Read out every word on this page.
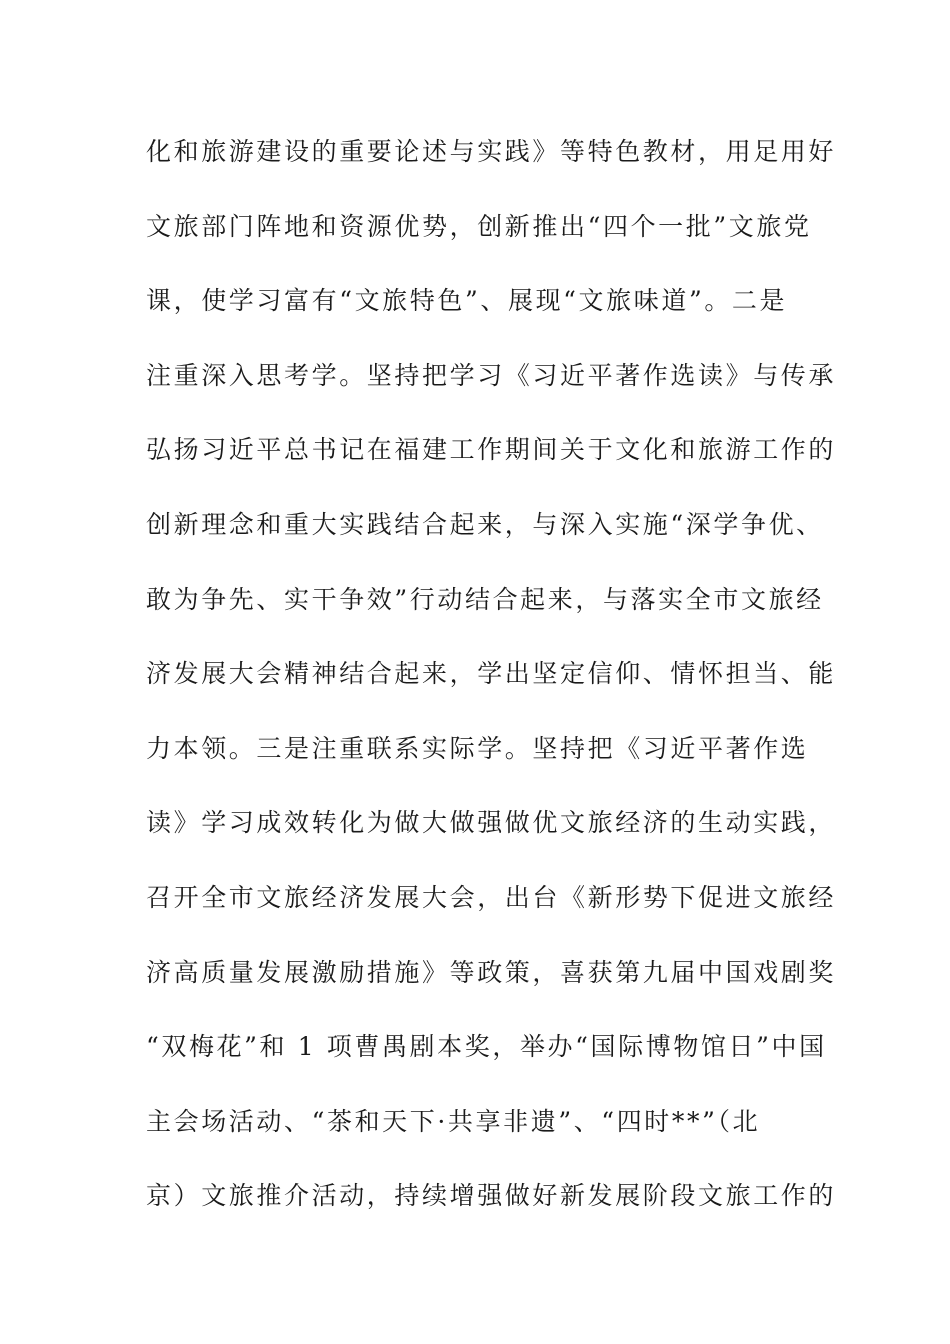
化和旅游建设的重要论述与实践》等特色教材，用足用好
文旅部门阵地和资源优势，创新推出“四个一批”文旅党
课，使学习富有“文旅特色”、展现“文旅味道”。二是
注重深入思考学。坚持把学习《习近平著作选读》与传承
弘扬习近平总书记在福建工作期间关于文化和旅游工作的
创新理念和重大实践结合起来，与深入实施“深学争优、
敢为争先、实干争效”行动结合起来，与落实全市文旅经
济发展大会精神结合起来，学出坚定信仰、情怀担当、能
力本领。三是注重联系实际学。坚持把《习近平著作选
读》学习成效转化为做大做强做优文旅经济的生动实践，
召开全市文旅经济发展大会，出台《新形势下促进文旅经
济高质量发展激励措施》等政策，喜获第九届中国戏剧奖
“双梅花”和 1 项曹禺剧本奖，举办“国际博物馆日”中国
主会场活动、“茶和天下·共享非遗”、“四时**”（北
京）文旅推介活动，持续增强做好新发展阶段文旅工作的
